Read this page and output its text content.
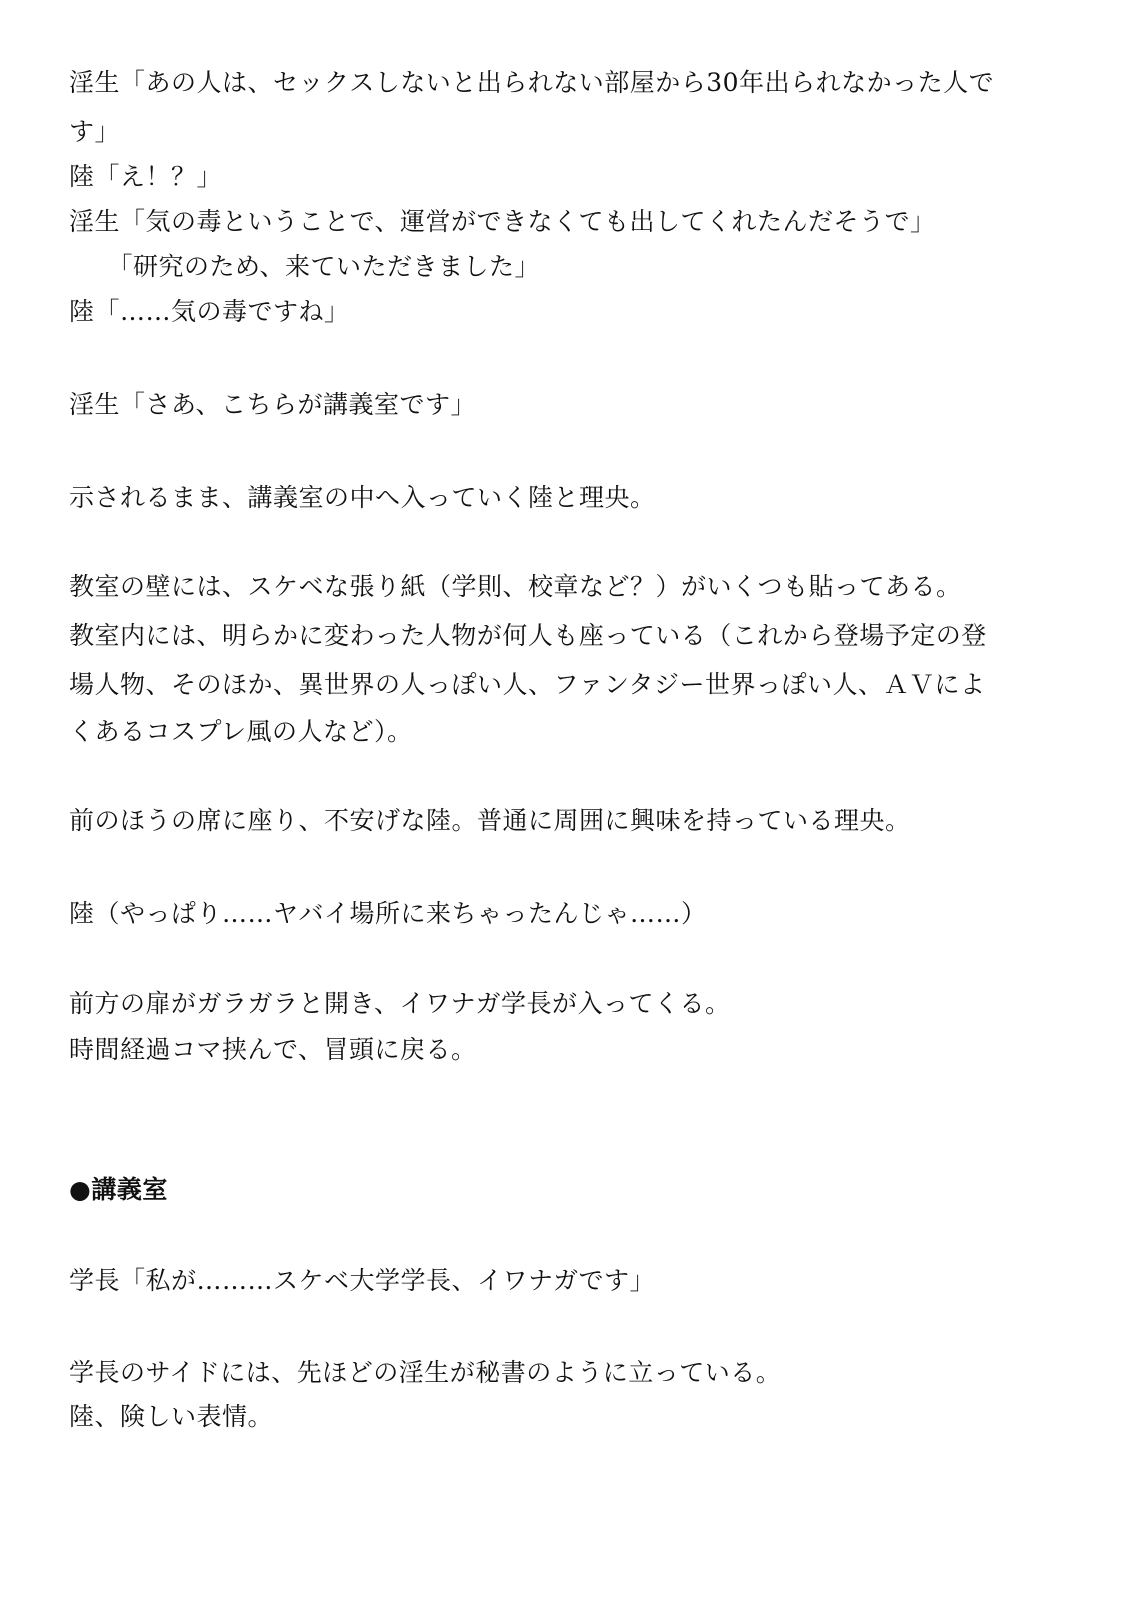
淫生「あの人は、セックスしないと出られない部屋から30年出られなかった人で

す」

陸「え！？」

淫生「気の毒ということで、運営ができなくても出してくれたんだそうで」

　　「研究のため、来ていただきました」

陸「……気の毒ですね」

淫生「さあ、こちらが講義室です」

示されるまま、講義室の中へ入っていく陸と理央。

教室の壁には、スケベな張り紙（学則、校章など？）がいくつも貼ってある。

教室内には、明らかに変わった人物が何人も座っている（これから登場予定の登

場人物、そのほか、異世界の人っぽい人、ファンタジー世界っぽい人、ＡＶによ

くあるコスプレ風の人など）。

前のほうの席に座り、不安げな陸。普通に周囲に興味を持っている理央。

陸（やっぱり……ヤバイ場所に来ちゃったんじゃ……）

前方の扉がガラガラと開き、イワナガ学長が入ってくる。

時間経過コマ挟んで、冒頭に戻る。

●講義室

学長「私が………スケベ大学学長、イワナガです」

学長のサイドには、先ほどの淫生が秘書のように立っている。

陸、険しい表情。
